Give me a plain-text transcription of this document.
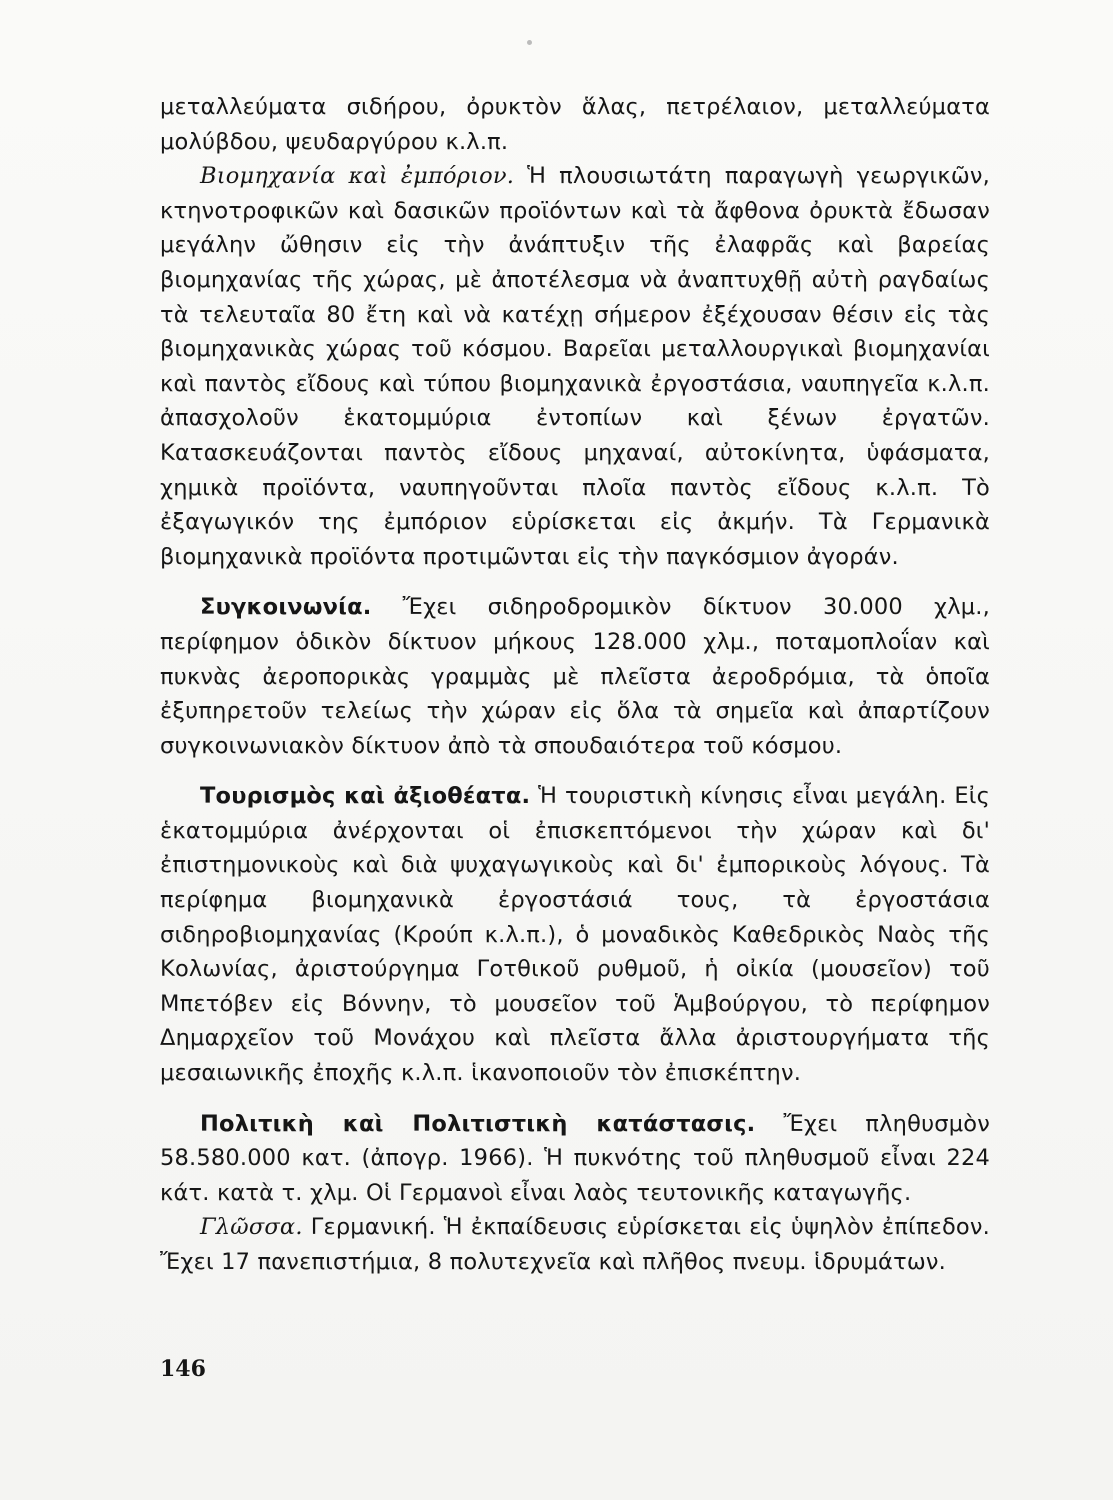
μεταλλεύματα σιδήρου, ὀρυκτὸν ἅλας, πετρέλαιον, μεταλλεύματα μολύβδου, ψευδαργύρου κ.λ.π.

Βιομηχανία καὶ ἐμπόριον. Ἡ πλουσιωτάτη παραγωγὴ γεωργικῶν, κτηνοτροφικῶν καὶ δασικῶν προϊόντων καὶ τὰ ἄφθονα ὀρυκτὰ ἔδωσαν μεγάλην ὤθησιν εἰς τὴν ἀνάπτυξιν τῆς ἐλαφρᾶς καὶ βαρείας βιομηχανίας τῆς χώρας, μὲ ἀποτέλεσμα νὰ ἀναπτυχθῇ αὐτὴ ραγδαίως τὰ τελευταῖα 80 ἔτη καὶ νὰ κατέχῃ σήμερον ἐξέχουσαν θέσιν εἰς τὰς βιομηχανικὰς χώρας τοῦ κόσμου. Βαρεῖαι μεταλλουργικαὶ βιομηχανίαι καὶ παντὸς εἴδους καὶ τύπου βιομηχανικὰ ἐργοστάσια, ναυπηγεῖα κ.λ.π. ἀπασχολοῦν ἑκατομμύρια ἐντοπίων καὶ ξένων ἐργατῶν. Κατασκευάζονται παντὸς εἴδους μηχαναί, αὐτοκίνητα, ὑφάσματα, χημικὰ προϊόντα, ναυπηγοῦνται πλοῖα παντὸς εἴδους κ.λ.π. Τὸ ἐξαγωγικόν της ἐμπόριον εὑρίσκεται εἰς ἀκμήν. Τὰ Γερμανικὰ βιομηχανικὰ προϊόντα προτιμῶνται εἰς τὴν παγκόσμιον ἀγοράν.

Συγκοινωνία. Ἔχει σιδηροδρομικὸν δίκτυον 30.000 χλμ., περίφημον ὁδικὸν δίκτυον μήκους 128.000 χλμ., ποταμοπλοΐαν καὶ πυκνὰς ἀεροπορικὰς γραμμὰς μὲ πλεῖστα ἀεροδρόμια, τὰ ὁποῖα ἐξυπηρετοῦν τελείως τὴν χώραν εἰς ὅλα τὰ σημεῖα καὶ ἀπαρτίζουν συγκοινωνιακὸν δίκτυον ἀπὸ τὰ σπουδαιότερα τοῦ κόσμου.

Τουρισμὸς καὶ ἀξιοθέατα. Ἡ τουριστικὴ κίνησις εἶναι μεγάλη. Εἰς ἑκατομμύρια ἀνέρχονται οἱ ἐπισκεπτόμενοι τὴν χώραν καὶ δι' ἐπιστημονικοὺς καὶ διὰ ψυχαγωγικοὺς καὶ δι' ἐμπορικοὺς λόγους. Τὰ περίφημα βιομηχανικὰ ἐργοστάσιά τους, τὰ ἐργοστάσια σιδηροβιομηχανίας (Κρούπ κ.λ.π.), ὁ μοναδικὸς Καθεδρικὸς Ναὸς τῆς Κολωνίας, ἀριστούργημα Γοτθικοῦ ρυθμοῦ, ἡ οἰκία (μουσεῖον) τοῦ Μπετόβεν εἰς Βόννην, τὸ μουσεῖον τοῦ Ἁμβούργου, τὸ περίφημον Δημαρχεῖον τοῦ Μονάχου καὶ πλεῖστα ἄλλα ἀριστουργήματα τῆς μεσαιωνικῆς ἐποχῆς κ.λ.π. ἱκανοποιοῦν τὸν ἐπισκέπτην.

Πολιτικὴ καὶ Πολιτιστικὴ κατάστασις. Ἔχει πληθυσμὸν 58.580.000 κατ. (ἀπογρ. 1966). Ἡ πυκνότης τοῦ πληθυσμοῦ εἶναι 224 κάτ. κατὰ τ. χλμ. Οἱ Γερμανοὶ εἶναι λαὸς τευτονικῆς καταγωγῆς.

Γλῶσσα. Γερμανική. Ἡ ἐκπαίδευσις εὑρίσκεται εἰς ὑψηλὸν ἐπίπεδον. Ἔχει 17 πανεπιστήμια, 8 πολυτεχνεῖα καὶ πλῆθος πνευμ. ἱδρυμάτων.

146
